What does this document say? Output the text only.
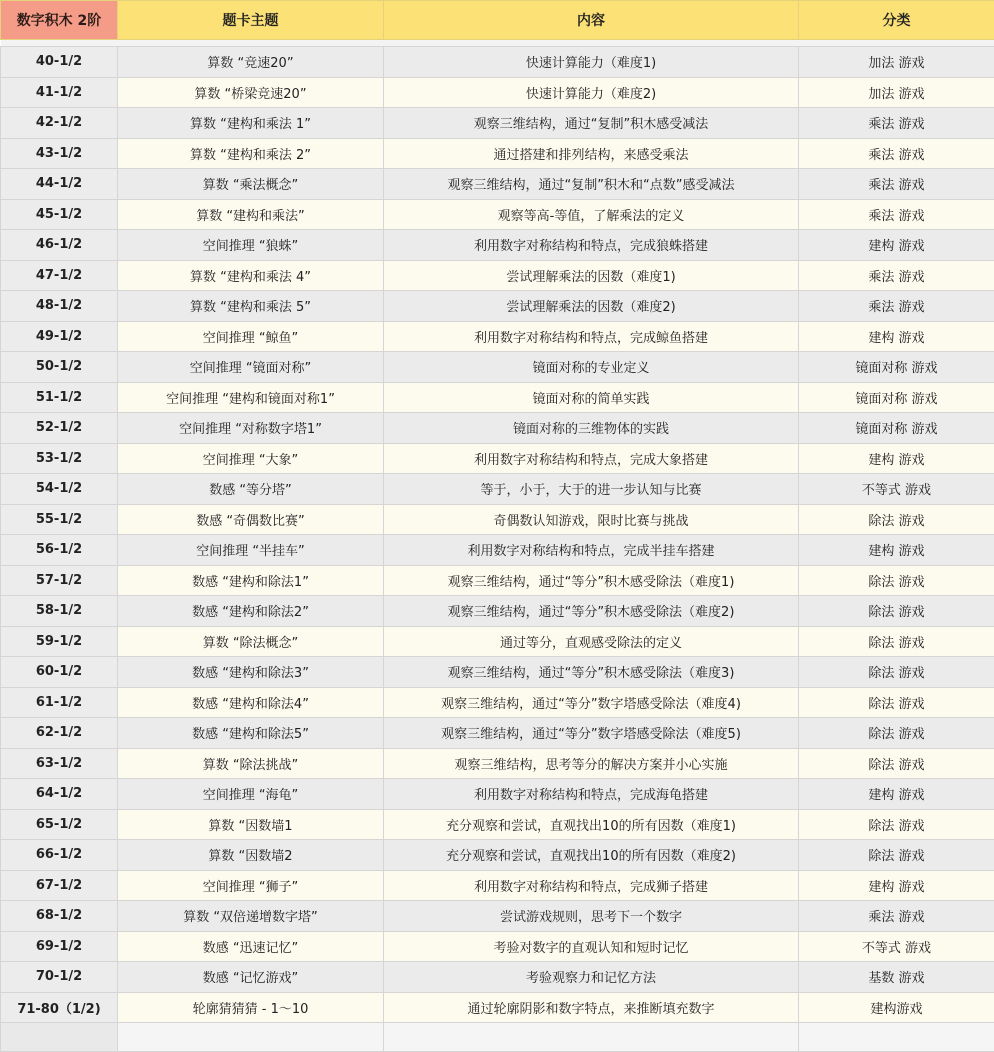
数字积木 2阶	题卡主题	内容	分类

40-1/2	算数 “竞速20”	快速计算能力（难度1)	加法 游戏
41-1/2	算数 “桥梁竞速20”	快速计算能力（难度2)	加法 游戏
42-1/2	算数 “建构和乘法 1”	观察三维结构，通过“复制”积木感受减法	乘法 游戏
43-1/2	算数 “建构和乘法 2”	通过搭建和排列结构，来感受乘法	乘法 游戏
44-1/2	算数 “乘法概念”	观察三维结构，通过“复制”积木和“点数”感受减法	乘法 游戏
45-1/2	算数 “建构和乘法”	观察等高-等值，了解乘法的定义	乘法 游戏
46-1/2	空间推理 “狼蛛”	利用数字对称结构和特点，完成狼蛛搭建	建构 游戏
47-1/2	算数 “建构和乘法 4”	尝试理解乘法的因数（难度1)	乘法 游戏
48-1/2	算数 “建构和乘法 5”	尝试理解乘法的因数（难度2)	乘法 游戏
49-1/2	空间推理 “鲸鱼”	利用数字对称结构和特点，完成鲸鱼搭建	建构 游戏
50-1/2	空间推理 “镜面对称”	镜面对称的专业定义	镜面对称 游戏
51-1/2	空间推理 “建构和镜面对称1”	镜面对称的简单实践	镜面对称 游戏
52-1/2	空间推理 “对称数字塔1”	镜面对称的三维物体的实践	镜面对称 游戏
53-1/2	空间推理 “大象”	利用数字对称结构和特点，完成大象搭建	建构 游戏
54-1/2	数感 “等分塔”	等于，小于，大于的进一步认知与比赛	不等式 游戏
55-1/2	数感 “奇偶数比赛”	奇偶数认知游戏，限时比赛与挑战	除法 游戏
56-1/2	空间推理 “半挂车”	利用数字对称结构和特点，完成半挂车搭建	建构 游戏
57-1/2	数感 “建构和除法1”	观察三维结构，通过“等分”积木感受除法（难度1)	除法 游戏
58-1/2	数感 “建构和除法2”	观察三维结构，通过“等分”积木感受除法（难度2)	除法 游戏
59-1/2	算数 “除法概念”	通过等分，直观感受除法的定义	除法 游戏
60-1/2	数感 “建构和除法3”	观察三维结构，通过“等分”积木感受除法（难度3)	除法 游戏
61-1/2	数感 “建构和除法4”	观察三维结构，通过“等分”数字塔感受除法（难度4)	除法 游戏
62-1/2	数感 “建构和除法5”	观察三维结构，通过“等分”数字塔感受除法（难度5)	除法 游戏
63-1/2	算数 “除法挑战”	观察三维结构，思考等分的解决方案并小心实施	除法 游戏
64-1/2	空间推理 “海龟”	利用数字对称结构和特点，完成海龟搭建	建构 游戏
65-1/2	算数 “因数墙1	充分观察和尝试，直观找出10的所有因数（难度1)	除法 游戏
66-1/2	算数 “因数墙2	充分观察和尝试，直观找出10的所有因数（难度2)	除法 游戏
67-1/2	空间推理 “狮子”	利用数字对称结构和特点，完成狮子搭建	建构 游戏
68-1/2	算数 “双倍递增数字塔”	尝试游戏规则，思考下一个数字	乘法 游戏
69-1/2	数感 “迅速记忆”	考验对数字的直观认知和短时记忆	不等式 游戏
70-1/2	数感 “记忆游戏”	考验观察力和记忆方法	基数 游戏
71-80（1/2)	轮廓猜猜猜 - 1～10	通过轮廓阴影和数字特点，来推断填充数字	建构游戏
